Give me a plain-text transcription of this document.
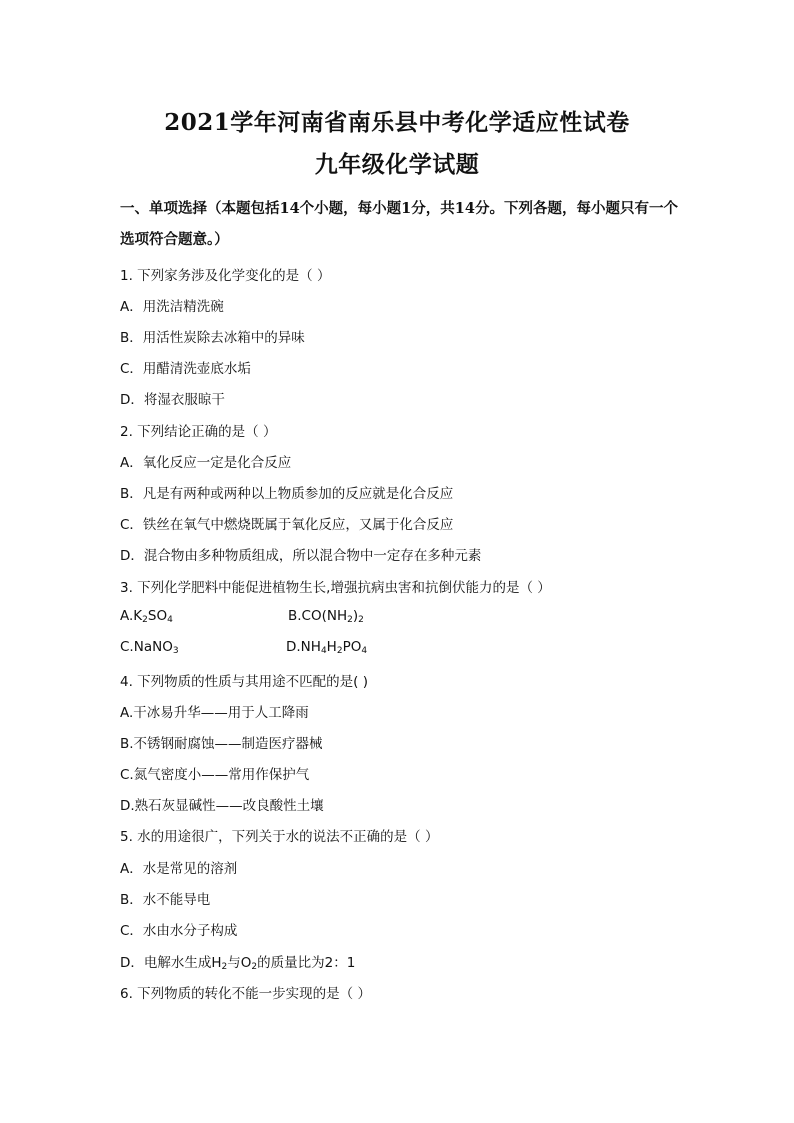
2021学年河南省南乐县中考化学适应性试卷
九年级化学试题
一、单项选择（本题包括14个小题，每小题1分，共14分。下列各题，每小题只有一个选项符合题意。）
1. 下列家务涉及化学变化的是（ ）
A．用洗洁精洗碗
B．用活性炭除去冰箱中的异味
C．用醋清洗壶底水垢
D．将湿衣服晾干
2. 下列结论正确的是（ ）
A．氧化反应一定是化合反应
B．凡是有两种或两种以上物质参加的反应就是化合反应
C．铁丝在氧气中燃烧既属于氧化反应，又属于化合反应
D．混合物由多种物质组成，所以混合物中一定存在多种元素
3. 下列化学肥料中能促进植物生长,增强抗病虫害和抗倒伏能力的是（ ）
$A.K_2SO_4$	$B.CO(NH_2)_2$
C.NaNO$_3$	$D.NH_4H_2PO_4$
4. 下列物质的性质与其用途不匹配的是( )
A.干冰易升华——用于人工降雨
B.不锈钢耐腐蚀——制造医疗器械
C.氮气密度小——常用作保护气
D.熟石灰显碱性——改良酸性土壤
5. 水的用途很广，下列关于水的说法不正确的是（ ）
A．水是常见的溶剂
B．水不能导电
C．水由水分子构成
D．电解水生成$H_2$与$O_2$的质量比为2：1
6. 下列物质的转化不能一步实现的是（ ）
